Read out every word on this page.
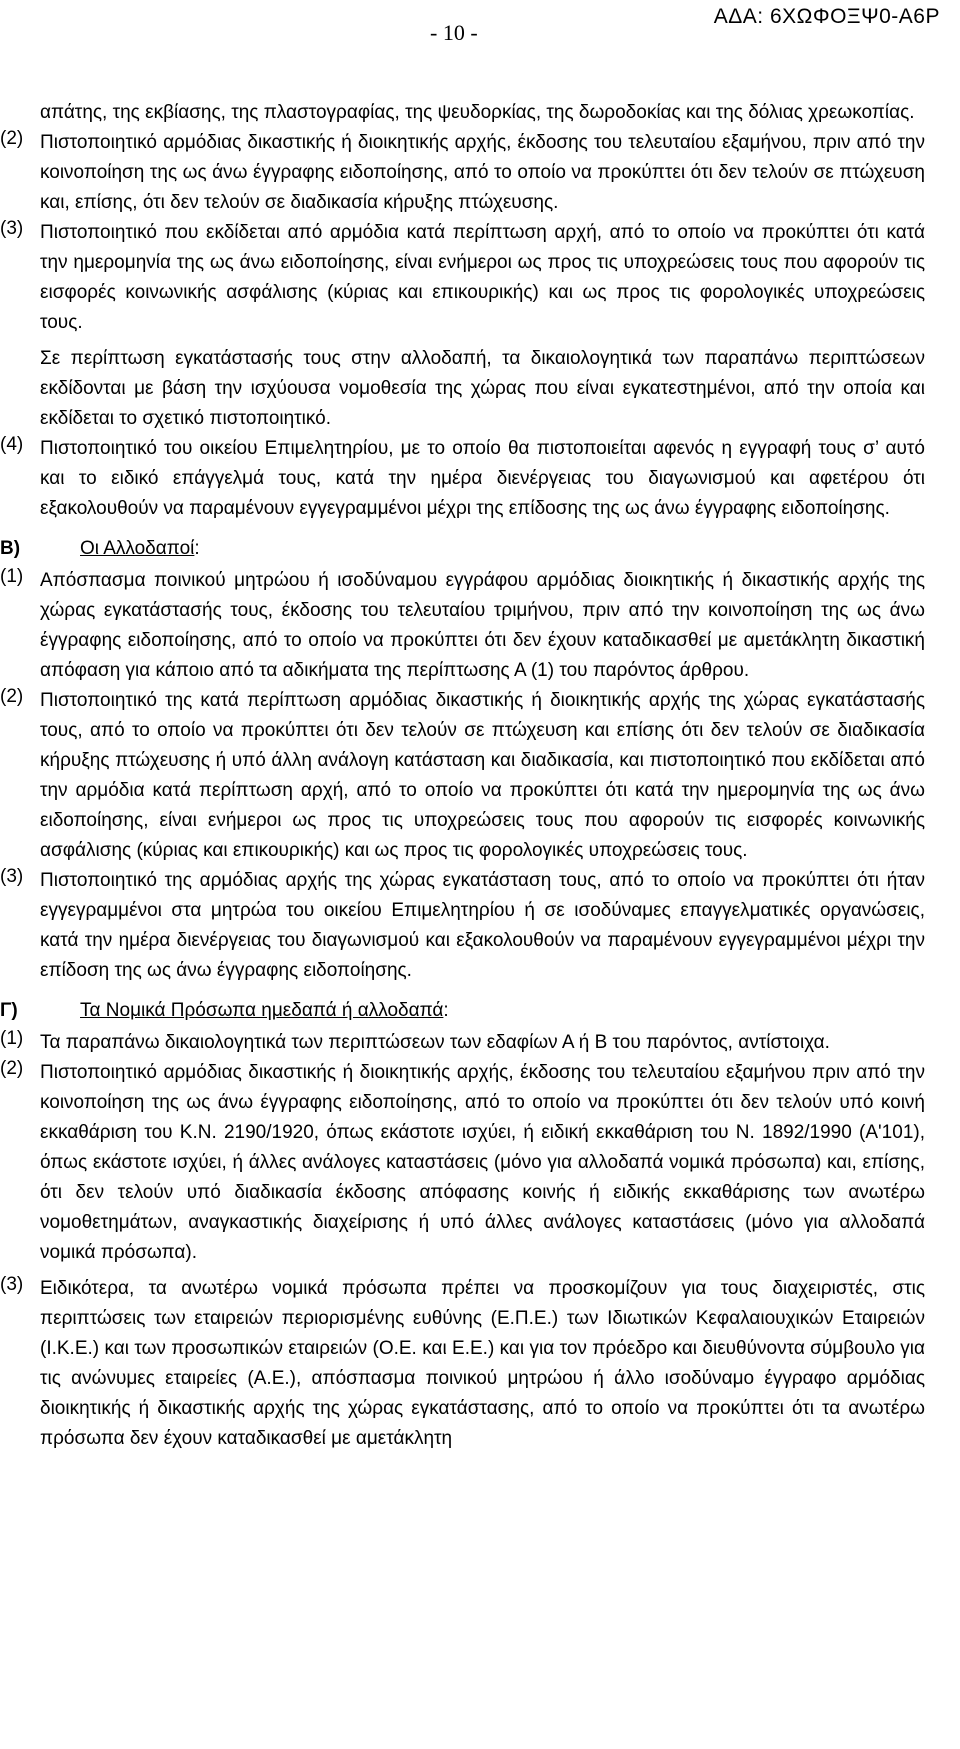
- 10 -
ΑΔΑ: 6ΧΩΦΟΞΨ0-Α6Ρ
απάτης, της εκβίασης, της πλαστογραφίας, της ψευδορκίας, της δωροδοκίας και της δόλιας χρεωκοπίας.
(2) Πιστοποιητικό αρμόδιας δικαστικής ή διοικητικής αρχής, έκδοσης του τελευταίου εξαμήνου, πριν από την κοινοποίηση της ως άνω έγγραφης ειδοποίησης, από το οποίο να προκύπτει ότι δεν τελούν σε πτώχευση και, επίσης, ότι δεν τελούν σε διαδικασία κήρυξης πτώχευσης.
(3) Πιστοποιητικό που εκδίδεται από αρμόδια κατά περίπτωση αρχή, από το οποίο να προκύπτει ότι κατά την ημερομηνία της ως άνω ειδοποίησης, είναι ενήμεροι ως προς τις υποχρεώσεις τους που αφορούν τις εισφορές κοινωνικής ασφάλισης (κύριας και επικουρικής) και ως προς τις φορολογικές υποχρεώσεις τους.
Σε περίπτωση εγκατάστασής τους στην αλλοδαπή, τα δικαιολογητικά των παραπάνω περιπτώσεων εκδίδονται με βάση την ισχύουσα νομοθεσία της χώρας που είναι εγκατεστημένοι, από την οποία και εκδίδεται το σχετικό πιστοποιητικό.
(4) Πιστοποιητικό του οικείου Επιμελητηρίου, με το οποίο θα πιστοποιείται αφενός η εγγραφή τους σ’ αυτό και το ειδικό επάγγελμά τους, κατά την ημέρα διενέργειας του διαγωνισμού και αφετέρου ότι εξακολουθούν να παραμένουν εγγεγραμμένοι μέχρι της επίδοσης της ως άνω έγγραφης ειδοποίησης.
Β)	Οι Αλλοδαποί:
(1) Απόσπασμα ποινικού μητρώου ή ισοδύναμου εγγράφου αρμόδιας διοικητικής ή δικαστικής αρχής της χώρας εγκατάστασής τους, έκδοσης του τελευταίου τριμήνου, πριν από την κοινοποίηση της ως άνω έγγραφης ειδοποίησης, από το οποίο να προκύπτει ότι δεν έχουν καταδικασθεί με αμετάκλητη δικαστική απόφαση για κάποιο από τα αδικήματα της περίπτωσης Α (1) του παρόντος άρθρου.
(2) Πιστοποιητικό της κατά περίπτωση αρμόδιας δικαστικής ή διοικητικής αρχής της χώρας εγκατάστασής τους, από το οποίο να προκύπτει ότι δεν τελούν σε πτώχευση και επίσης ότι δεν τελούν σε διαδικασία κήρυξης πτώχευσης ή υπό άλλη ανάλογη κατάσταση και διαδικασία, και πιστοποιητικό που εκδίδεται από την αρμόδια κατά περίπτωση αρχή, από το οποίο να προκύπτει ότι κατά την ημερομηνία της ως άνω ειδοποίησης, είναι ενήμεροι ως προς τις υποχρεώσεις τους που αφορούν τις εισφορές κοινωνικής ασφάλισης (κύριας και επικουρικής) και ως προς τις φορολογικές υποχρεώσεις τους.
(3) Πιστοποιητικό της αρμόδιας αρχής της χώρας εγκατάσταση τους, από το οποίο να προκύπτει ότι ήταν εγγεγραμμένοι στα μητρώα του οικείου Επιμελητηρίου ή σε ισοδύναμες επαγγελματικές οργανώσεις, κατά την ημέρα διενέργειας του διαγωνισμού και εξακολουθούν να παραμένουν εγγεγραμμένοι μέχρι την επίδοση της ως άνω έγγραφης ειδοποίησης.
Γ)	Τα Νομικά Πρόσωπα ημεδαπά ή αλλοδαπά:
(1) Τα παραπάνω δικαιολογητικά των περιπτώσεων των εδαφίων Α ή Β του παρόντος, αντίστοιχα.
(2) Πιστοποιητικό αρμόδιας δικαστικής ή διοικητικής αρχής, έκδοσης του τελευταίου εξαμήνου πριν από την κοινοποίηση της ως άνω έγγραφης ειδοποίησης, από το οποίο να προκύπτει ότι δεν τελούν υπό κοινή εκκαθάριση του Κ.Ν. 2190/1920, όπως εκάστοτε ισχύει, ή ειδική εκκαθάριση του Ν. 1892/1990 (Α'101), όπως εκάστοτε ισχύει, ή άλλες ανάλογες καταστάσεις (μόνο για αλλοδαπά νομικά πρόσωπα) και, επίσης, ότι δεν τελούν υπό διαδικασία έκδοσης απόφασης κοινής ή ειδικής εκκαθάρισης των ανωτέρω νομοθετημάτων, αναγκαστικής διαχείρισης ή υπό άλλες ανάλογες καταστάσεις (μόνο για αλλοδαπά νομικά πρόσωπα).
(3) Ειδικότερα, τα ανωτέρω νομικά πρόσωπα πρέπει να προσκομίζουν για τους διαχειριστές, στις περιπτώσεις των εταιρειών περιορισμένης ευθύνης (Ε.Π.Ε.) των Ιδιωτικών Κεφαλαιουχικών Εταιρειών (Ι.Κ.Ε.) και των προσωπικών εταιρειών (Ο.Ε. και Ε.Ε.) και για τον πρόεδρο και διευθύνοντα σύμβουλο για τις ανώνυμες εταιρείες (Α.Ε.), απόσπασμα ποινικού μητρώου ή άλλο ισοδύναμο έγγραφο αρμόδιας διοικητικής ή δικαστικής αρχής της χώρας εγκατάστασης, από το οποίο να προκύπτει ότι τα ανωτέρω πρόσωπα δεν έχουν καταδικασθεί με αμετάκλητη
